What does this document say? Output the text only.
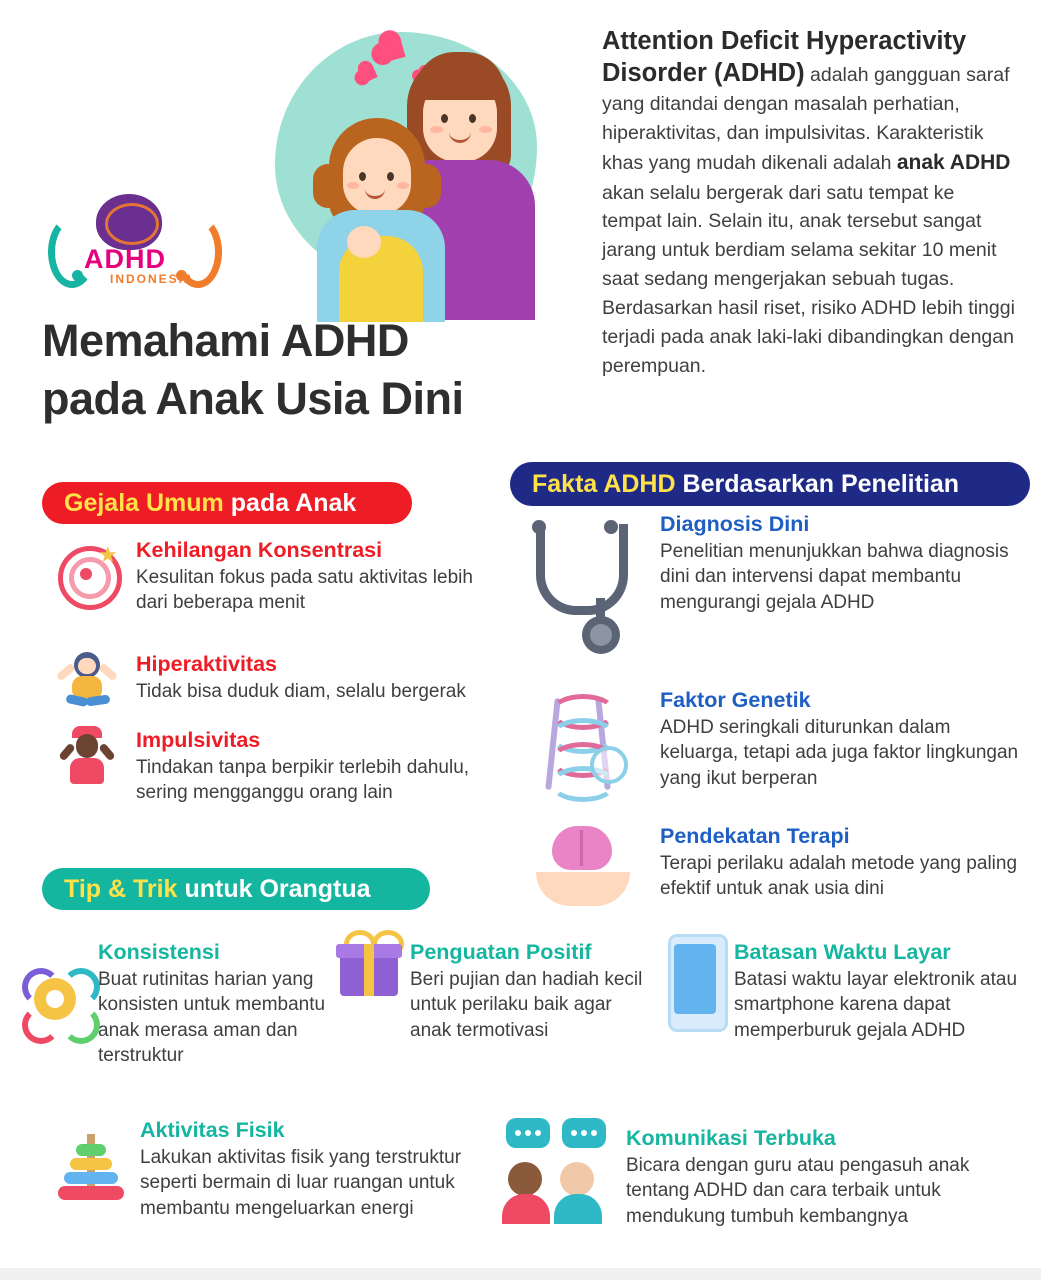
ADHD
INDONESIA
Memahami ADHD
pada Anak Usia Dini
Attention Deficit Hyperactivity Disorder (ADHD) adalah gangguan saraf yang ditandai dengan masalah perhatian, hiperaktivitas, dan impulsivitas. Karakteristik khas yang mudah dikenali adalah anak ADHD akan selalu bergerak dari satu tempat ke tempat lain. Selain itu, anak tersebut sangat jarang untuk berdiam selama sekitar 10 menit saat sedang mengerjakan sebuah tugas. Berdasarkan hasil riset, risiko ADHD lebih tinggi terjadi pada anak laki-laki dibandingkan dengan perempuan.
Gejala Umum pada Anak
★ Kehilangan Konsentrasi
Kesulitan fokus pada satu aktivitas lebih dari beberapa menit
Hiperaktivitas
Tidak bisa duduk diam, selalu bergerak
Impulsivitas
Tindakan tanpa berpikir terlebih dahulu, sering mengganggu orang lain
Fakta ADHD Berdasarkan Penelitian
Diagnosis Dini
Penelitian menunjukkan bahwa diagnosis dini dan intervensi dapat membantu mengurangi gejala ADHD
Faktor Genetik
ADHD seringkali diturunkan dalam keluarga, tetapi ada juga faktor lingkungan yang ikut berperan
Pendekatan Terapi
Terapi perilaku adalah metode yang paling efektif untuk anak usia dini
Tip & Trik untuk Orangtua
Konsistensi
Buat rutinitas harian yang konsisten untuk membantu anak merasa aman dan terstruktur
Penguatan Positif
Beri pujian dan hadiah kecil untuk perilaku baik agar anak termotivasi
Batasan Waktu Layar
Batasi waktu layar elektronik atau smartphone karena dapat memperburuk gejala ADHD
Aktivitas Fisik
Lakukan aktivitas fisik yang terstruktur seperti bermain di luar ruangan untuk membantu mengeluarkan energi
Komunikasi Terbuka
Bicara dengan guru atau pengasuh anak tentang ADHD dan cara terbaik untuk mendukung tumbuh kembangnya
